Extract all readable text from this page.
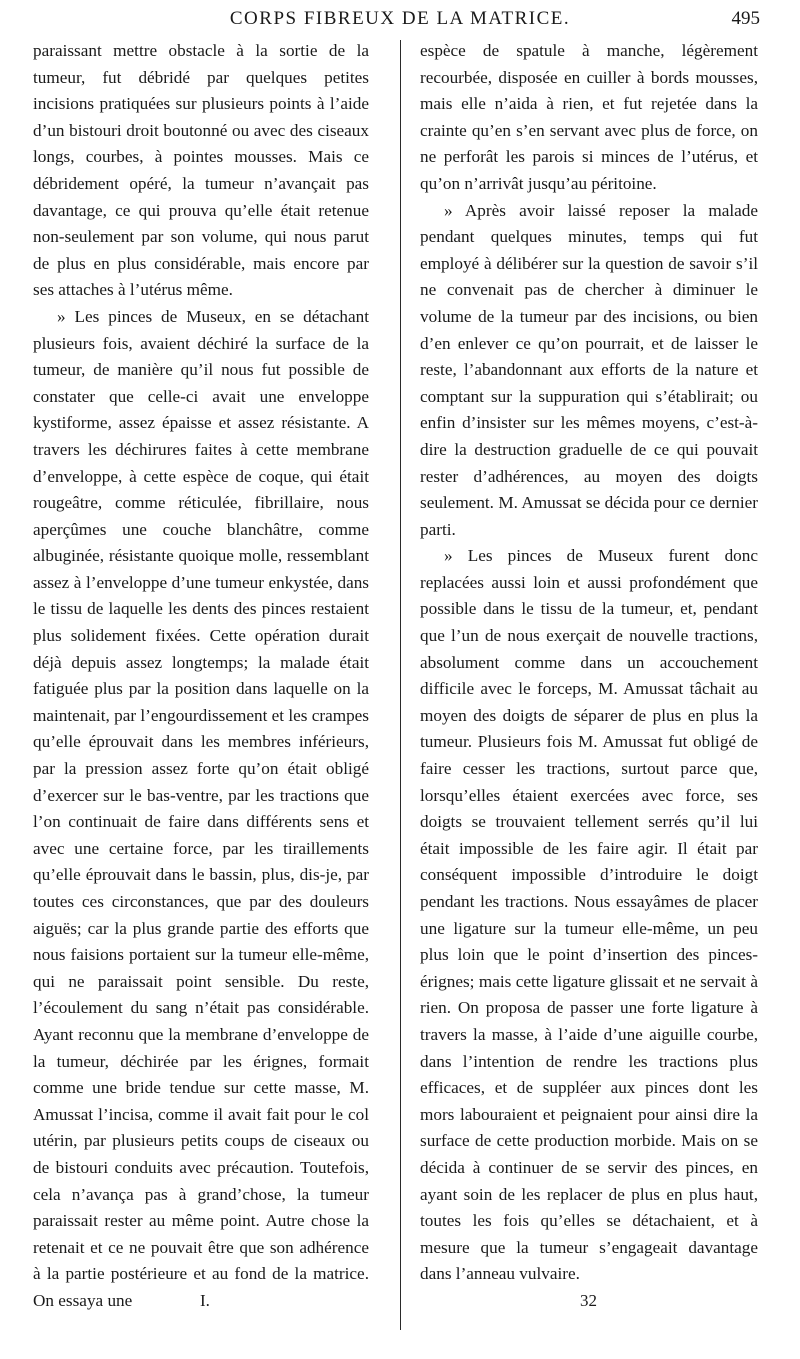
CORPS FIBREUX DE LA MATRICE.	495

paraissant mettre obstacle à la sortie de la tumeur, fut débridé par quelques petites incisions pratiquées sur plusieurs points à l’aide d’un bistouri droit boutonné ou avec des ciseaux longs, courbes, à pointes mousses. Mais ce débridement opéré, la tumeur n’avançait pas davantage, ce qui prouva qu’elle était retenue non-seulement par son volume, qui nous parut de plus en plus considérable, mais encore par ses attaches à l’utérus même.

» Les pinces de Museux, en se détachant plusieurs fois, avaient déchiré la surface de la tumeur, de manière qu’il nous fut possible de constater que celle-ci avait une enveloppe kystiforme, assez épaisse et assez résistante. A travers les déchirures faites à cette membrane d’enveloppe, à cette espèce de coque, qui était rougeâtre, comme réticulée, fibrillaire, nous aperçûmes une couche blanchâtre, comme albuginée, résistante quoique molle, ressemblant assez à l’enveloppe d’une tumeur enkystée, dans le tissu de laquelle les dents des pinces restaient plus solidement fixées. Cette opération durait déjà depuis assez longtemps; la malade était fatiguée plus par la position dans laquelle on la maintenait, par l’engourdissement et les crampes qu’elle éprouvait dans les membres inférieurs, par la pression assez forte qu’on était obligé d’exercer sur le bas-ventre, par les tractions que l’on continuait de faire dans différents sens et avec une certaine force, par les tiraillements qu’elle éprouvait dans le bassin, plus, dis-je, par toutes ces circonstances, que par des douleurs aiguës; car la plus grande partie des efforts que nous faisions portaient sur la tumeur elle-même, qui ne paraissait point sensible. Du reste, l’écoulement du sang n’était pas considérable. Ayant reconnu que la membrane d’enveloppe de la tumeur, déchirée par les érignes, formait comme une bride tendue sur cette masse, M. Amussat l’incisa, comme il avait fait pour le col utérin, par plusieurs petits coups de ciseaux ou de bistouri conduits avec précaution. Toutefois, cela n’avança pas à grand’chose, la tumeur paraissait rester au même point. Autre chose la retenait et ce ne pouvait être que son adhérence à la partie postérieure et au fond de la matrice. On essaya une

espèce de spatule à manche, légèrement recourbée, disposée en cuiller à bords mousses, mais elle n’aida à rien, et fut rejetée dans la crainte qu’en s’en servant avec plus de force, on ne perforât les parois si minces de l’utérus, et qu’on n’arrivât jusqu’au péritoine.

» Après avoir laissé reposer la malade pendant quelques minutes, temps qui fut employé à délibérer sur la question de savoir s’il ne convenait pas de chercher à diminuer le volume de la tumeur par des incisions, ou bien d’en enlever ce qu’on pourrait, et de laisser le reste, l’abandonnant aux efforts de la nature et comptant sur la suppuration qui s’établirait; ou enfin d’insister sur les mêmes moyens, c’est-à-dire la destruction graduelle de ce qui pouvait rester d’adhérences, au moyen des doigts seulement. M. Amussat se décida pour ce dernier parti.

» Les pinces de Museux furent donc replacées aussi loin et aussi profondément que possible dans le tissu de la tumeur, et, pendant que l’un de nous exerçait de nouvelle tractions, absolument comme dans un accouchement difficile avec le forceps, M. Amussat tâchait au moyen des doigts de séparer de plus en plus la tumeur. Plusieurs fois M. Amussat fut obligé de faire cesser les tractions, surtout parce que, lorsqu’elles étaient exercées avec force, ses doigts se trouvaient tellement serrés qu’il lui était impossible de les faire agir. Il était par conséquent impossible d’introduire le doigt pendant les tractions. Nous essayâmes de placer une ligature sur la tumeur elle-même, un peu plus loin que le point d’insertion des pinces-érignes; mais cette ligature glissait et ne servait à rien. On proposa de passer une forte ligature à travers la masse, à l’aide d’une aiguille courbe, dans l’intention de rendre les tractions plus efficaces, et de suppléer aux pinces dont les mors labouraient et peignaient pour ainsi dire la surface de cette production morbide. Mais on se décida à continuer de se servir des pinces, en ayant soin de les replacer de plus en plus haut, toutes les fois qu’elles se détachaient, et à mesure que la tumeur s’engageait davantage dans l’anneau vulvaire.

I.	32
